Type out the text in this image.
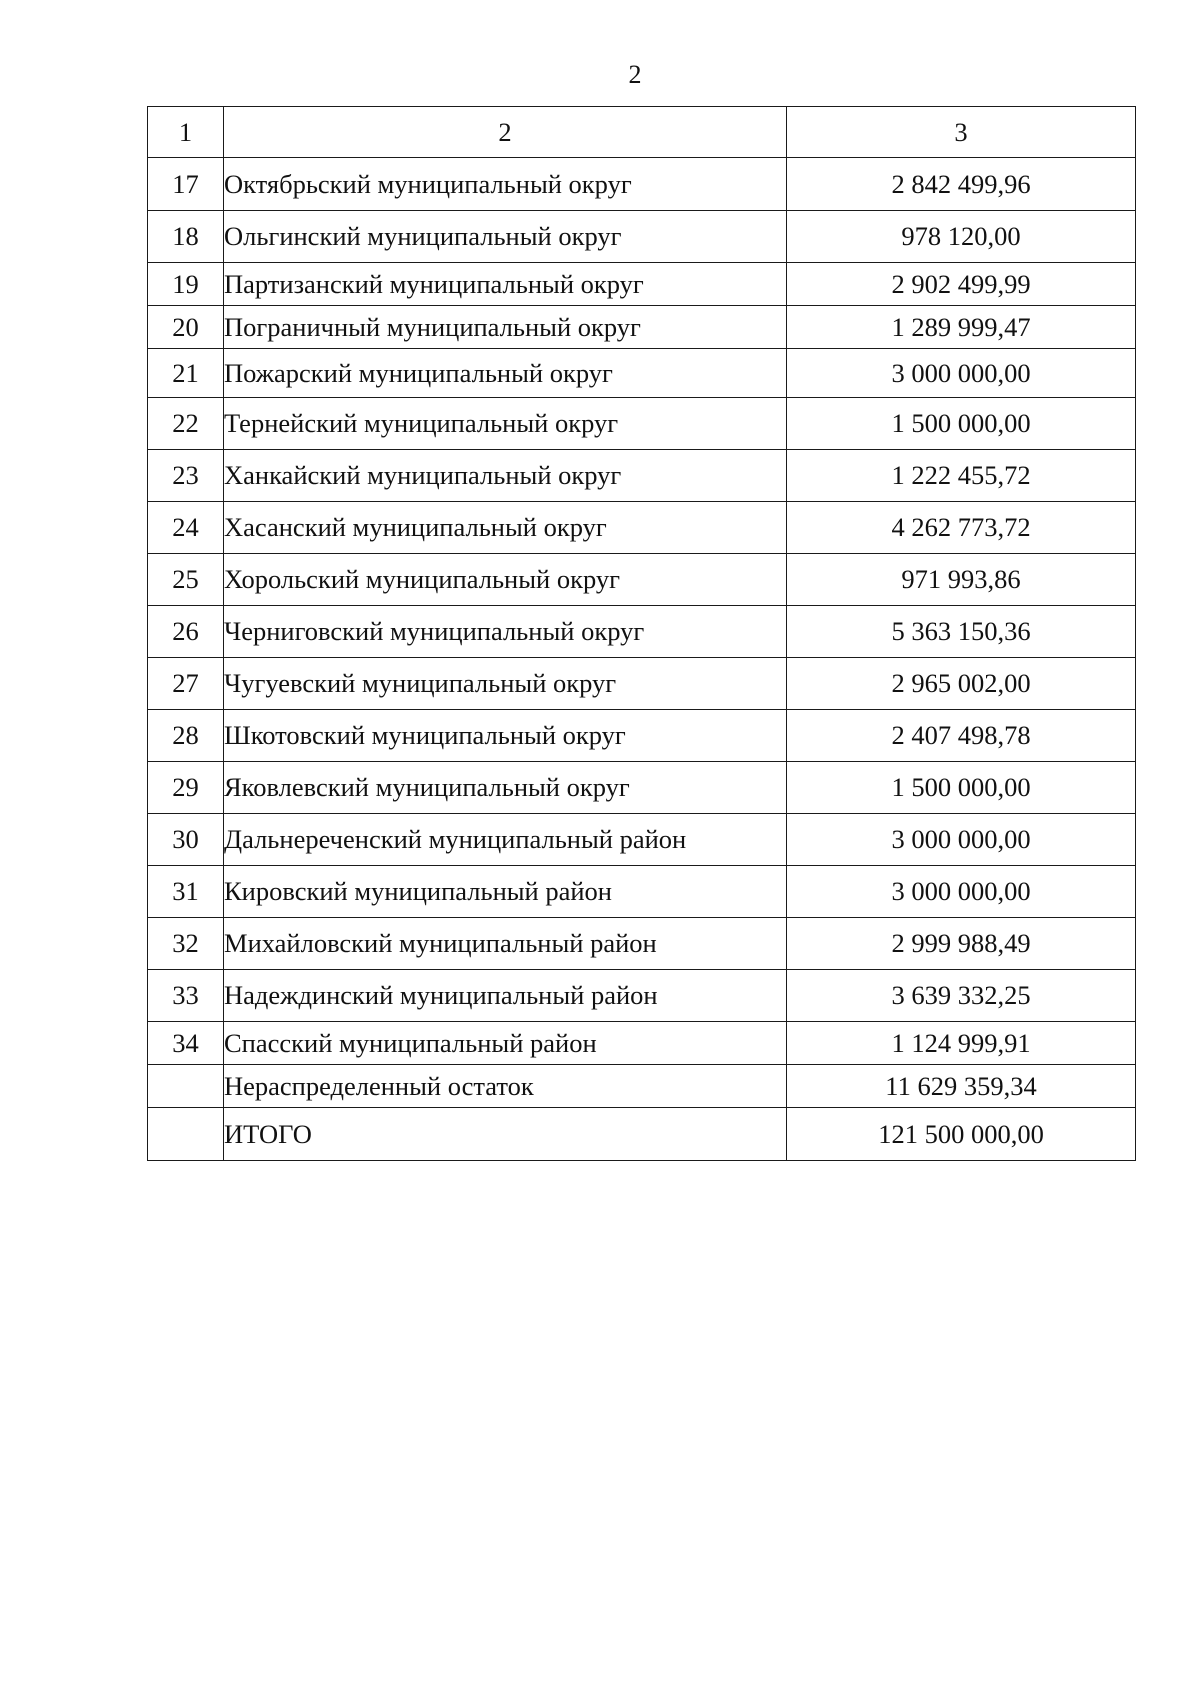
2
1	2	3
17	Октябрьский муниципальный округ	2 842 499,96
18	Ольгинский муниципальный округ	978 120,00
19	Партизанский муниципальный округ	2 902 499,99
20	Пограничный муниципальный округ	1 289 999,47
21	Пожарский муниципальный округ	3 000 000,00
22	Тернейский муниципальный округ	1 500 000,00
23	Ханкайский муниципальный округ	1 222 455,72
24	Хасанский муниципальный округ	4 262 773,72
25	Хорольский муниципальный округ	971 993,86
26	Черниговский муниципальный округ	5 363 150,36
27	Чугуевский муниципальный округ	2 965 002,00
28	Шкотовский муниципальный округ	2 407 498,78
29	Яковлевский муниципальный округ	1 500 000,00
30	Дальнереченский муниципальный район	3 000 000,00
31	Кировский муниципальный район	3 000 000,00
32	Михайловский муниципальный район	2 999 988,49
33	Надеждинский муниципальный район	3 639 332,25
34	Спасский муниципальный район	1 124 999,91
	Нераспределенный остаток	11 629 359,34
	ИТОГО	121 500 000,00
